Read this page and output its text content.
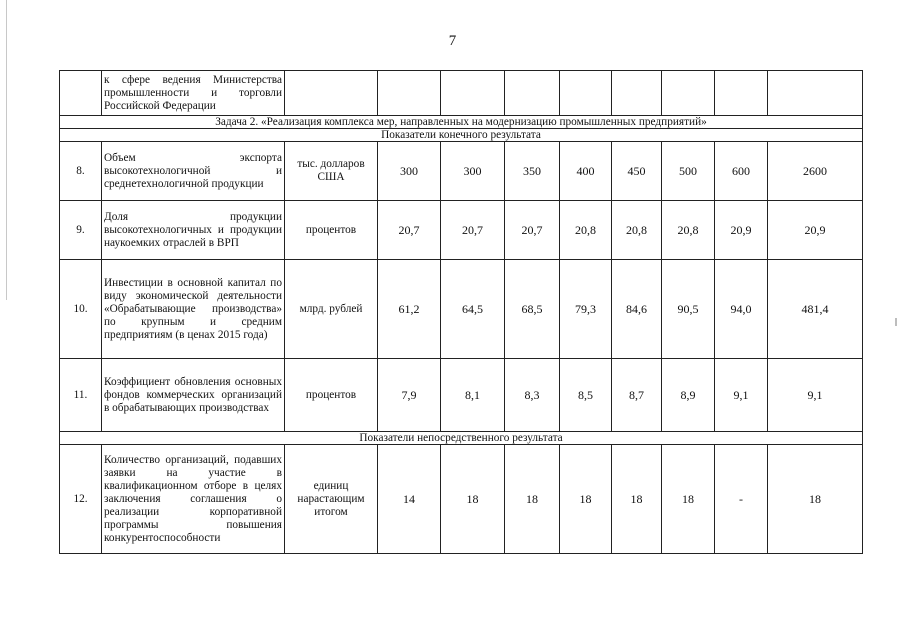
7
	к сфере ведения Министерства промышленности и торговли Российской Федерации									
Задача 2. «Реализация комплекса мер, направленных на модернизацию промышленных предприятий»										
Показатели конечного результата										
8.	Объем экспорта высокотехнологичной и среднетехнологичной продукции	тыс. долларов США	300	300	350	400	450	500	600	2600
9.	Доля продукции высокотехнологичных и продукции наукоемких отраслей в ВРП	процентов	20,7	20,7	20,7	20,8	20,8	20,8	20,9	20,9
10.	Инвестиции в основной капитал по виду экономической деятельности «Обрабатывающие производства» по крупным и средним предприятиям (в ценах 2015 года)	млрд. рублей	61,2	64,5	68,5	79,3	84,6	90,5	94,0	481,4
11.	Коэффициент обновления основных фондов коммерческих организаций в обрабатывающих производствах	процентов	7,9	8,1	8,3	8,5	8,7	8,9	9,1	9,1
Показатели непосредственного результата										
12.	Количество организаций, подавших заявки на участие в квалификационном отборе в целях заключения соглашения о реализации корпоративной программы повышения конкурентоспособности	единиц нарастающим итогом	14	18	18	18	18	18	-	18
